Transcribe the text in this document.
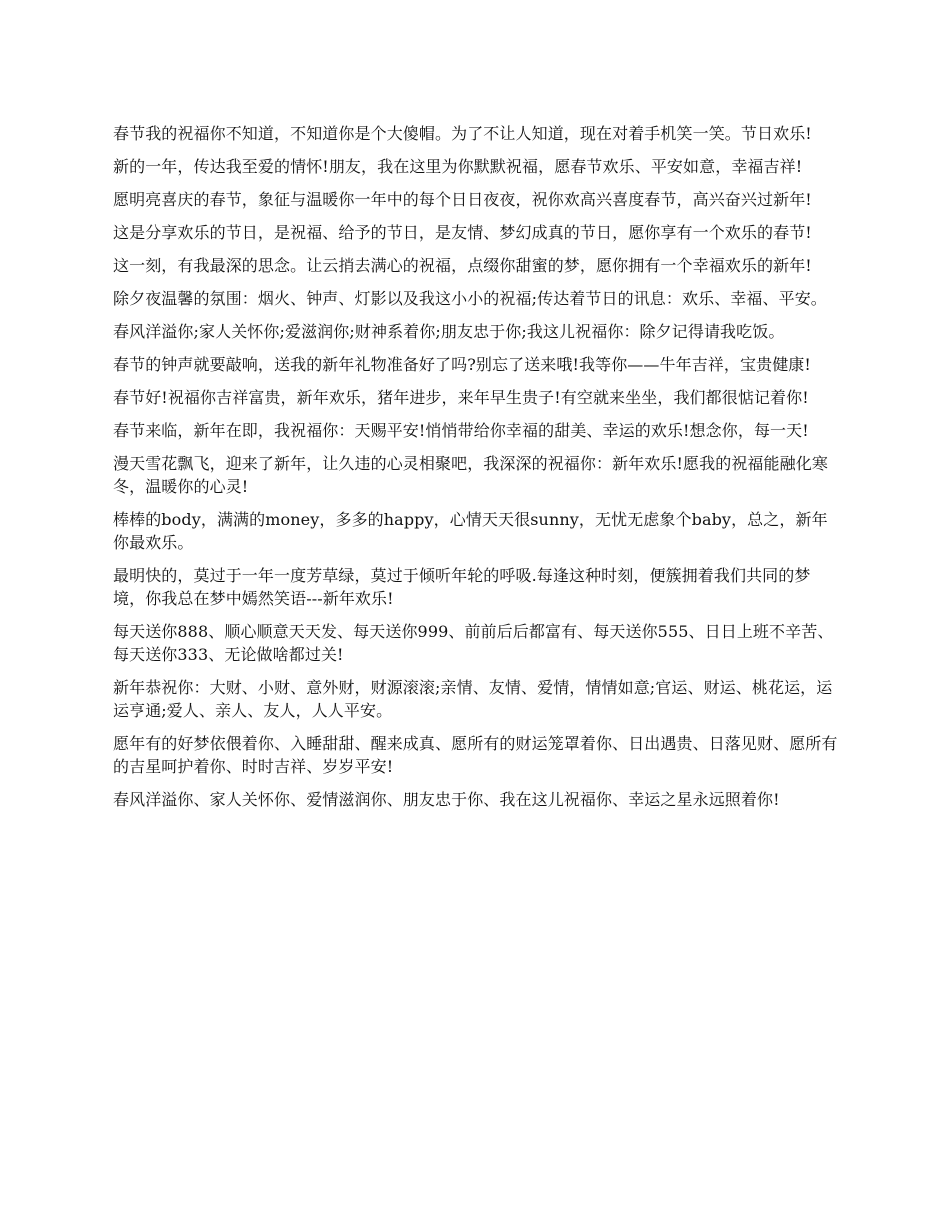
春节我的祝福你不知道，不知道你是个大傻帽。为了不让人知道，现在对着手机笑一笑。节日欢乐!

新的一年，传达我至爱的情怀!朋友，我在这里为你默默祝福，愿春节欢乐、平安如意，幸福吉祥!

愿明亮喜庆的春节，象征与温暖你一年中的每个日日夜夜，祝你欢高兴喜度春节，高兴奋兴过新年!

这是分享欢乐的节日，是祝福、给予的节日，是友情、梦幻成真的节日，愿你享有一个欢乐的春节!

这一刻，有我最深的思念。让云捎去满心的祝福，点缀你甜蜜的梦，愿你拥有一个幸福欢乐的新年!

除夕夜温馨的氛围：烟火、钟声、灯影以及我这小小的祝福;传达着节日的讯息：欢乐、幸福、平安。

春风洋溢你;家人关怀你;爱滋润你;财神系着你;朋友忠于你;我这儿祝福你：除夕记得请我吃饭。

春节的钟声就要敲响，送我的新年礼物准备好了吗?别忘了送来哦!我等你——牛年吉祥，宝贵健康!

春节好!祝福你吉祥富贵，新年欢乐，猪年进步，来年早生贵子!有空就来坐坐，我们都很惦记着你!

春节来临，新年在即，我祝福你：天赐平安!悄悄带给你幸福的甜美、幸运的欢乐!想念你，每一天!

漫天雪花飘飞，迎来了新年，让久违的心灵相聚吧，我深深的祝福你：新年欢乐!愿我的祝福能融化寒冬，温暖你的心灵!

棒棒的body，满满的money，多多的happy，心情天天很sunny，无忧无虑象个baby，总之，新年你最欢乐。

最明快的，莫过于一年一度芳草绿，莫过于倾听年轮的呼吸.每逢这种时刻，便簇拥着我们共同的梦境，你我总在梦中嫣然笑语---新年欢乐!

每天送你888、顺心顺意天天发、每天送你999、前前后后都富有、每天送你555、日日上班不辛苦、每天送你333、无论做啥都过关!

新年恭祝你：大财、小财、意外财，财源滚滚;亲情、友情、爱情，情情如意;官运、财运、桃花运，运运亨通;爱人、亲人、友人，人人平安。

愿年有的好梦依偎着你、入睡甜甜、醒来成真、愿所有的财运笼罩着你、日出遇贵、日落见财、愿所有的吉星呵护着你、时时吉祥、岁岁平安!

春风洋溢你、家人关怀你、爱情滋润你、朋友忠于你、我在这儿祝福你、幸运之星永远照着你!
